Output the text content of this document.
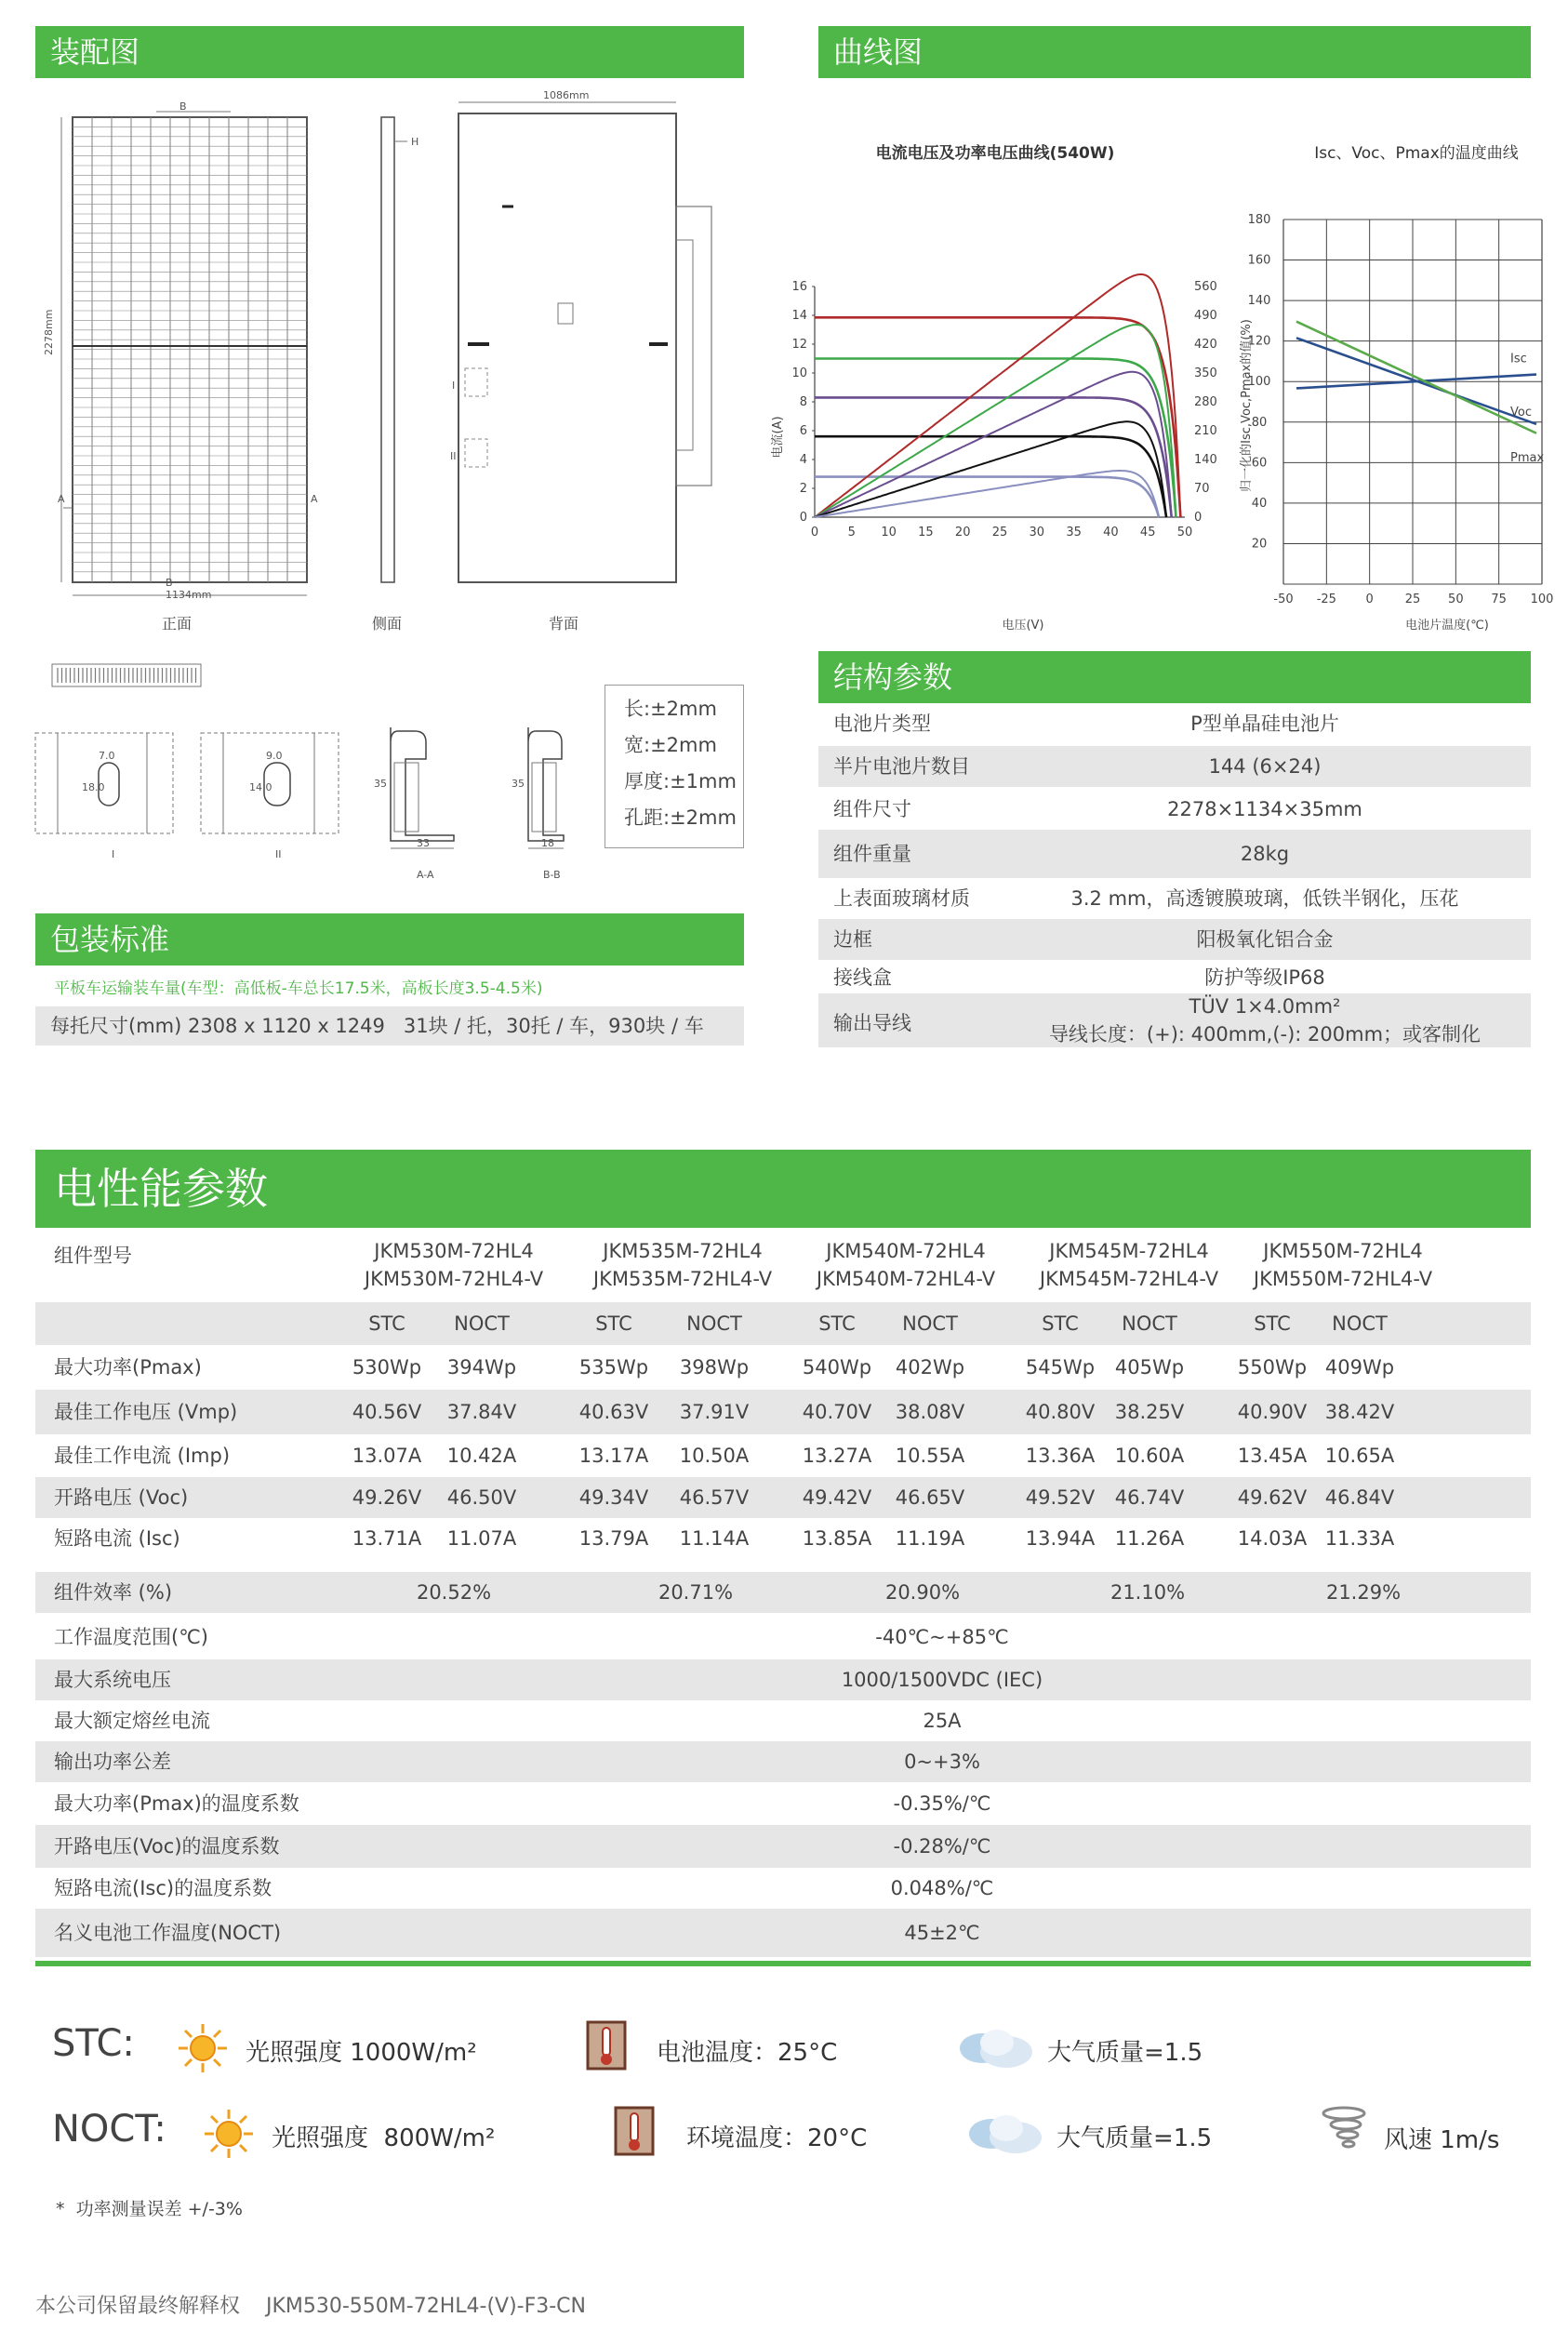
装配图	曲线图
2278mm
1134mm
H
I
II
A	A
1086mm
B
B
正面	侧面	背面
7.0
18.0
9.0
14.0	35
33
35
18
I	II
A-A	B-B
长:±2mm
宽:±2mm
厚度:±1mm
孔距:±2mm
电流电压及功率电压曲线(540W)	Isc、Voc、Pmax的温度曲线
0 5 10 15 20 25 30 35 40 45 50
0
2
4
6
8
10
12
14
16
0
70
140
210
280
350
420
490
560
电流(A)
电压(V)
-50 -25 0	25 50 75 100
20
40
60
80
100
120
140
160
180
Isc
Voc
Pmax
归一化的Isc,Voc,Pmax的值(%)
电池片温度(℃)
结构参数
电池片类型	P型单晶硅电池片
半片电池片数目	144 (6×24)
组件尺寸	2278×1134×35mm
组件重量	28kg
上表面玻璃材质	3.2 mm，高透镀膜玻璃，低铁半钢化，压花
边框	阳极氧化铝合金
接线盒	防护等级IP68
输出导线
TÜV 1×4.0mm²
导线长度：(+): 400mm,(-): 200mm；或客制化
包装标准
平板车运输装车量(车型：高低板-车总长17.5米，高板长度3.5-4.5米)
每托尺寸(mm) 2308 x 1120 x 1249   31块 / 托，30托 / 车，930块 / 车
电性能参数
组件型号	JKM530M-72HL4
JKM530M-72HL4-V
JKM535M-72HL4
JKM535M-72HL4-V
JKM540M-72HL4
JKM540M-72HL4-V
JKM545M-72HL4
JKM545M-72HL4-V
JKM550M-72HL4
JKM550M-72HL4-V
STC	NOCT	STC	NOCT	STC	NOCT	STC	NOCT	STC	NOCT
最大功率(Pmax)	530Wp	394Wp	535Wp	398Wp	540Wp	402Wp	545Wp	405Wp	550Wp 409Wp
最佳工作电压 (Vmp)	40.56V	37.84V	40.63V	37.91V	40.70V	38.08V	40.80V	38.25V	40.90V 38.42V
最佳工作电流 (Imp)	13.07A	10.42A	13.17A	10.50A	13.27A	10.55A	13.36A	10.60A	13.45A 10.65A
开路电压 (Voc)	49.26V	46.50V	49.34V	46.57V	49.42V	46.65V	49.52V	46.74V	49.62V 46.84V
短路电流 (Isc)	13.71A	11.07A	13.79A	11.14A	13.85A	11.19A	13.94A	11.26A	14.03A 11.33A
组件效率 (%)	20.52%	20.71%	20.90%	21.10%	21.29%
工作温度范围(℃)	-40℃~+85℃
最大系统电压	1000/1500VDC (IEC)
最大额定熔丝电流	25A
输出功率公差	0~+3%
最大功率(Pmax)的温度系数	-0.35%/℃
开路电压(Voc)的温度系数	-0.28%/℃
短路电流(Isc)的温度系数	0.048%/℃
名义电池工作温度(NOCT)	45±2℃
STC:
NOCT:
光照强度 1000W/m²	电池温度：25°C	大气质量=1.5
光照强度  800W/m²	环境温度：20°C	大气质量=1.5	风速 1m/s
*  功率测量误差 +/-3%
本公司保留最终解释权    JKM530-550M-72HL4-(V)-F3-CN
